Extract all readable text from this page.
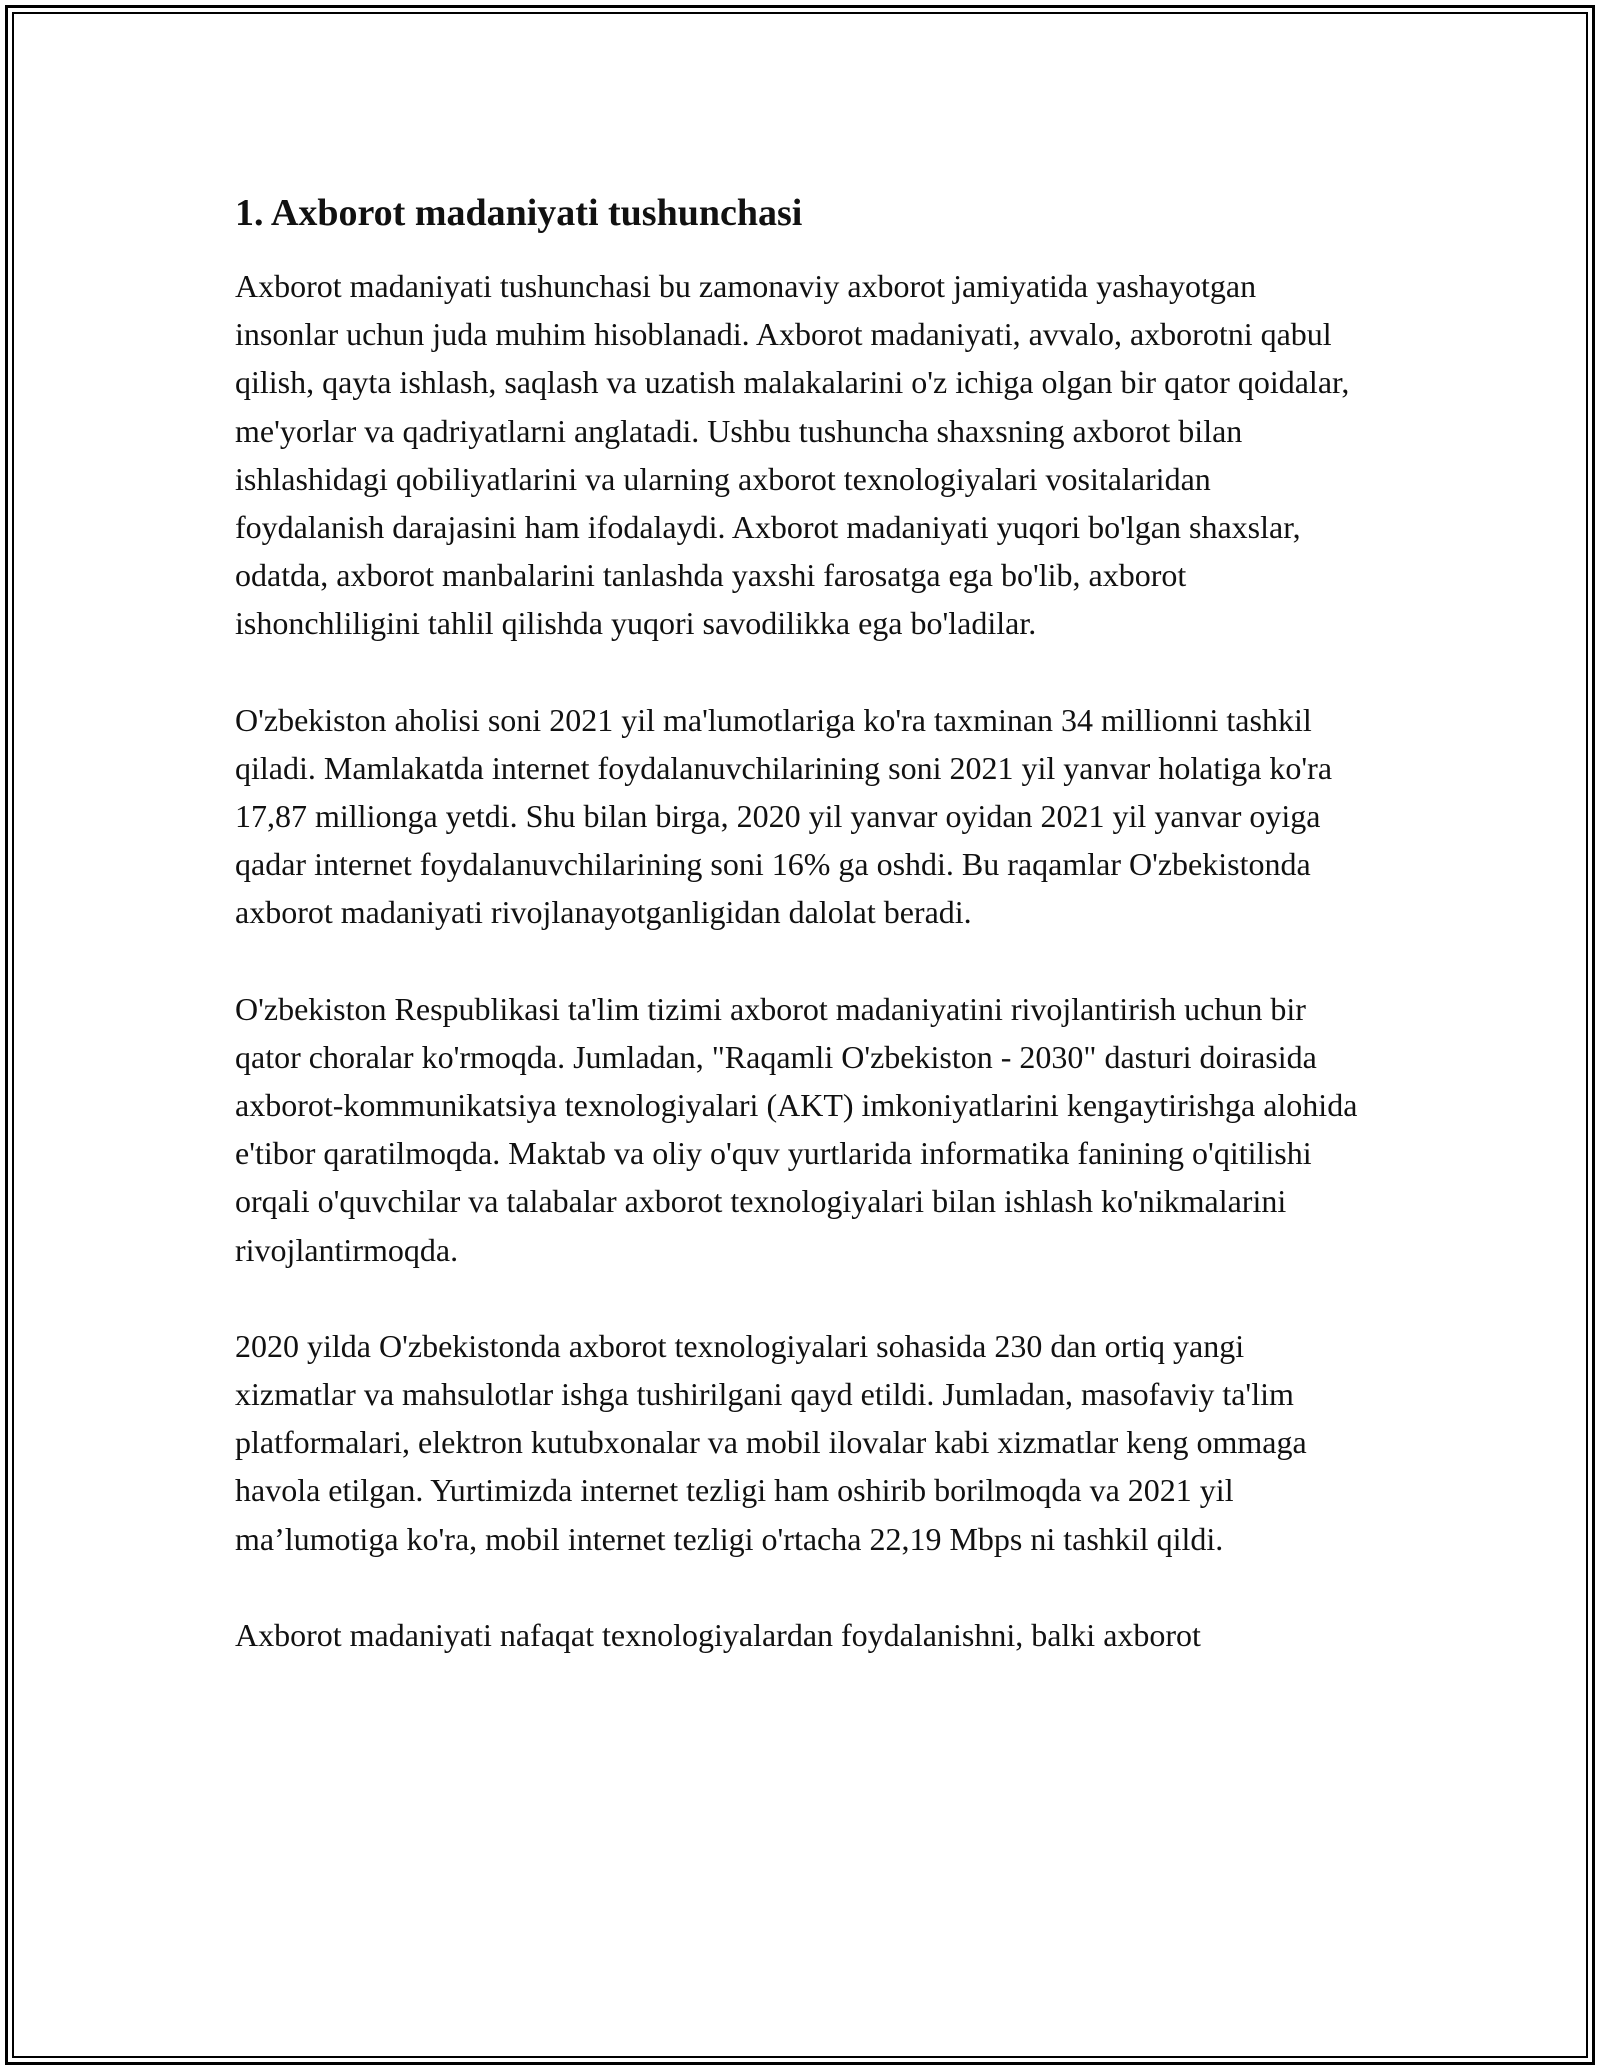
1. Axborot madaniyati tushunchasi

Axborot madaniyati tushunchasi bu zamonaviy axborot jamiyatida yashayotgan insonlar uchun juda muhim hisoblanadi. Axborot madaniyati, avvalo, axborotni qabul qilish, qayta ishlash, saqlash va uzatish malakalarini o'z ichiga olgan bir qator qoidalar, me'yorlar va qadriyatlarni anglatadi. Ushbu tushuncha shaxsning axborot bilan ishlashidagi qobiliyatlarini va ularning axborot texnologiyalari vositalaridan foydalanish darajasini ham ifodalaydi. Axborot madaniyati yuqori bo'lgan shaxslar, odatda, axborot manbalarini tanlashda yaxshi farosatga ega bo'lib, axborot ishonchliligini tahlil qilishda yuqori savodilikka ega bo'ladilar.

O'zbekiston aholisi soni 2021 yil ma'lumotlariga ko'ra taxminan 34 millionni tashkil qiladi. Mamlakatda internet foydalanuvchilarining soni 2021 yil yanvar holatiga ko'ra 17,87 millionga yetdi. Shu bilan birga, 2020 yil yanvar oyidan 2021 yil yanvar oyiga qadar internet foydalanuvchilarining soni 16% ga oshdi. Bu raqamlar O'zbekistonda axborot madaniyati rivojlanayotganligidan dalolat beradi.

O'zbekiston Respublikasi ta'lim tizimi axborot madaniyatini rivojlantirish uchun bir qator choralar ko'rmoqda. Jumladan, "Raqamli O'zbekiston - 2030" dasturi doirasida axborot-kommunikatsiya texnologiyalari (AKT) imkoniyatlarini kengaytirishga alohida e'tibor qaratilmoqda. Maktab va oliy o'quv yurtlarida informatika fanining o'qitilishi orqali o'quvchilar va talabalar axborot texnologiyalari bilan ishlash ko'nikmalarini rivojlantirmoqda.

2020 yilda O'zbekistonda axborot texnologiyalari sohasida 230 dan ortiq yangi xizmatlar va mahsulotlar ishga tushirilgani qayd etildi. Jumladan, masofaviy ta'lim platformalari, elektron kutubxonalar va mobil ilovalar kabi xizmatlar keng ommaga havola etilgan. Yurtimizda internet tezligi ham oshirib borilmoqda va 2021 yil ma’lumotiga ko'ra, mobil internet tezligi o'rtacha 22,19 Mbps ni tashkil qildi.

Axborot madaniyati nafaqat texnologiyalardan foydalanishni, balki axborot
